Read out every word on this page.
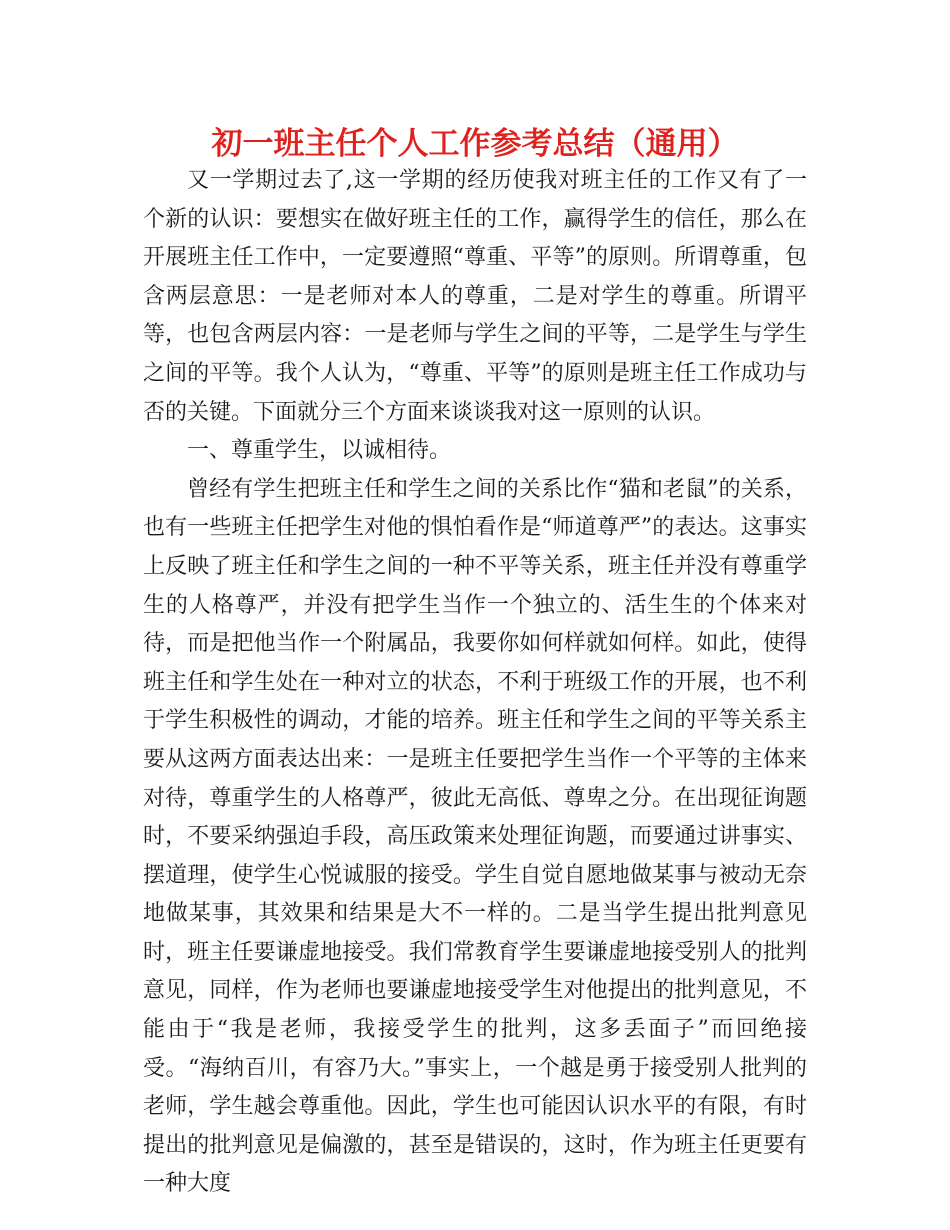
初一班主任个人工作参考总结（通用）

又一学期过去了,这一学期的经历使我对班主任的工作又有了一个新的认识：要想实在做好班主任的工作，赢得学生的信任，那么在开展班主任工作中，一定要遵照“尊重、平等”的原则。所谓尊重，包含两层意思：一是老师对本人的尊重，二是对学生的尊重。所谓平等，也包含两层内容：一是老师与学生之间的平等，二是学生与学生之间的平等。我个人认为，“尊重、平等”的原则是班主任工作成功与否的关键。下面就分三个方面来谈谈我对这一原则的认识。

一、尊重学生，以诚相待。

曾经有学生把班主任和学生之间的关系比作“猫和老鼠”的关系，也有一些班主任把学生对他的惧怕看作是“师道尊严”的表达。这事实上反映了班主任和学生之间的一种不平等关系，班主任并没有尊重学生的人格尊严，并没有把学生当作一个独立的、活生生的个体来对待，而是把他当作一个附属品，我要你如何样就如何样。如此，使得班主任和学生处在一种对立的状态，不利于班级工作的开展，也不利于学生积极性的调动，才能的培养。班主任和学生之间的平等关系主要从这两方面表达出来：一是班主任要把学生当作一个平等的主体来对待，尊重学生的人格尊严，彼此无高低、尊卑之分。在出现征询题时，不要采纳强迫手段，高压政策来处理征询题，而要通过讲事实、摆道理，使学生心悦诚服的接受。学生自觉自愿地做某事与被动无奈地做某事，其效果和结果是大不一样的。二是当学生提出批判意见时，班主任要谦虚地接受。我们常教育学生要谦虚地接受别人的批判意见，同样，作为老师也要谦虚地接受学生对他提出的批判意见，不能由于“我是老师，我接受学生的批判，这多丢面子”而回绝接受。“海纳百川，有容乃大。”事实上，一个越是勇于接受别人批判的老师，学生越会尊重他。因此，学生也可能因认识水平的有限，有时提出的批判意见是偏激的，甚至是错误的，这时，作为班主任更要有一种大度
